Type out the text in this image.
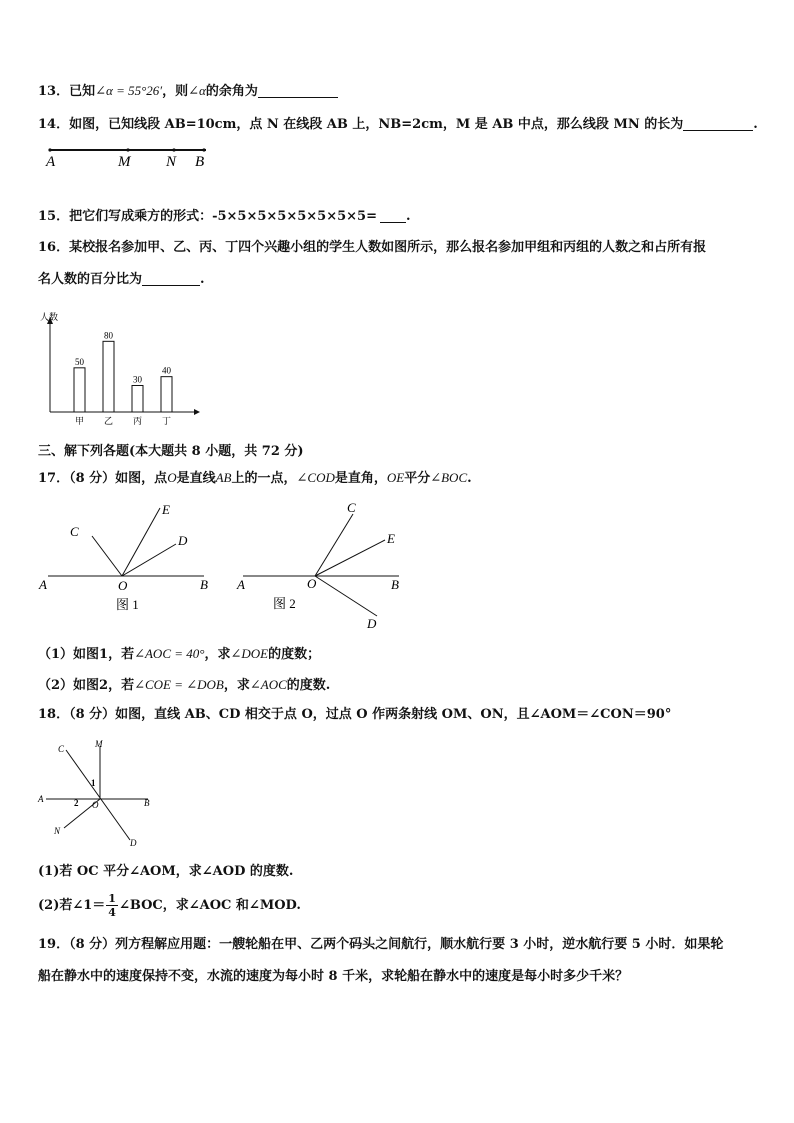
13．已知∠α = 55°26′，则∠α的余角为
14．如图，已知线段 AB=10cm，点 N 在线段 AB 上，NB=2cm，M 是 AB 中点，那么线段 MN 的长为	.
A	M N B
15．把它们写成乘方的形式：-5×5×5×5×5×5×5×5= .
16．某校报名参加甲、乙、丙、丁四个兴趣小组的学生人数如图所示，那么报名参加甲组和丙组的人数之和占所有报
名人数的百分比为	.
人数
50
甲
80
乙
30
丙
40
丁
三、解下列各题(本大题共 8 小题，共 72 分)
17．（8 分）如图，点O是直线AB上的一点，∠COD是直角，OE平分∠BOC.
A	B
O
C
E
D
图 1
A	B
O
C
E
D
图 2
（1）如图1，若∠AOC = 40°，求∠DOE的度数；
（2）如图2，若∠COE = ∠DOB，求∠AOC的度数.
18．（8 分）如图，直线 AB、CD 相交于点 O，过点 O 作两条射线 OM、ON，且∠AOM＝∠CON＝90°
C	M
A	B
N
D
O
1
2
(1)若 OC 平分∠AOM，求∠AOD 的度数.
(2)若∠1＝ $\frac{1}{4}$ ∠BOC，求∠AOC 和∠MOD.
19．（8 分）列方程解应用题：一艘轮船在甲、乙两个码头之间航行，顺水航行要 3 小时，逆水航行要 5 小时．如果轮
船在静水中的速度保持不变，水流的速度为每小时 8 千米，求轮船在静水中的速度是每小时多少千米？
